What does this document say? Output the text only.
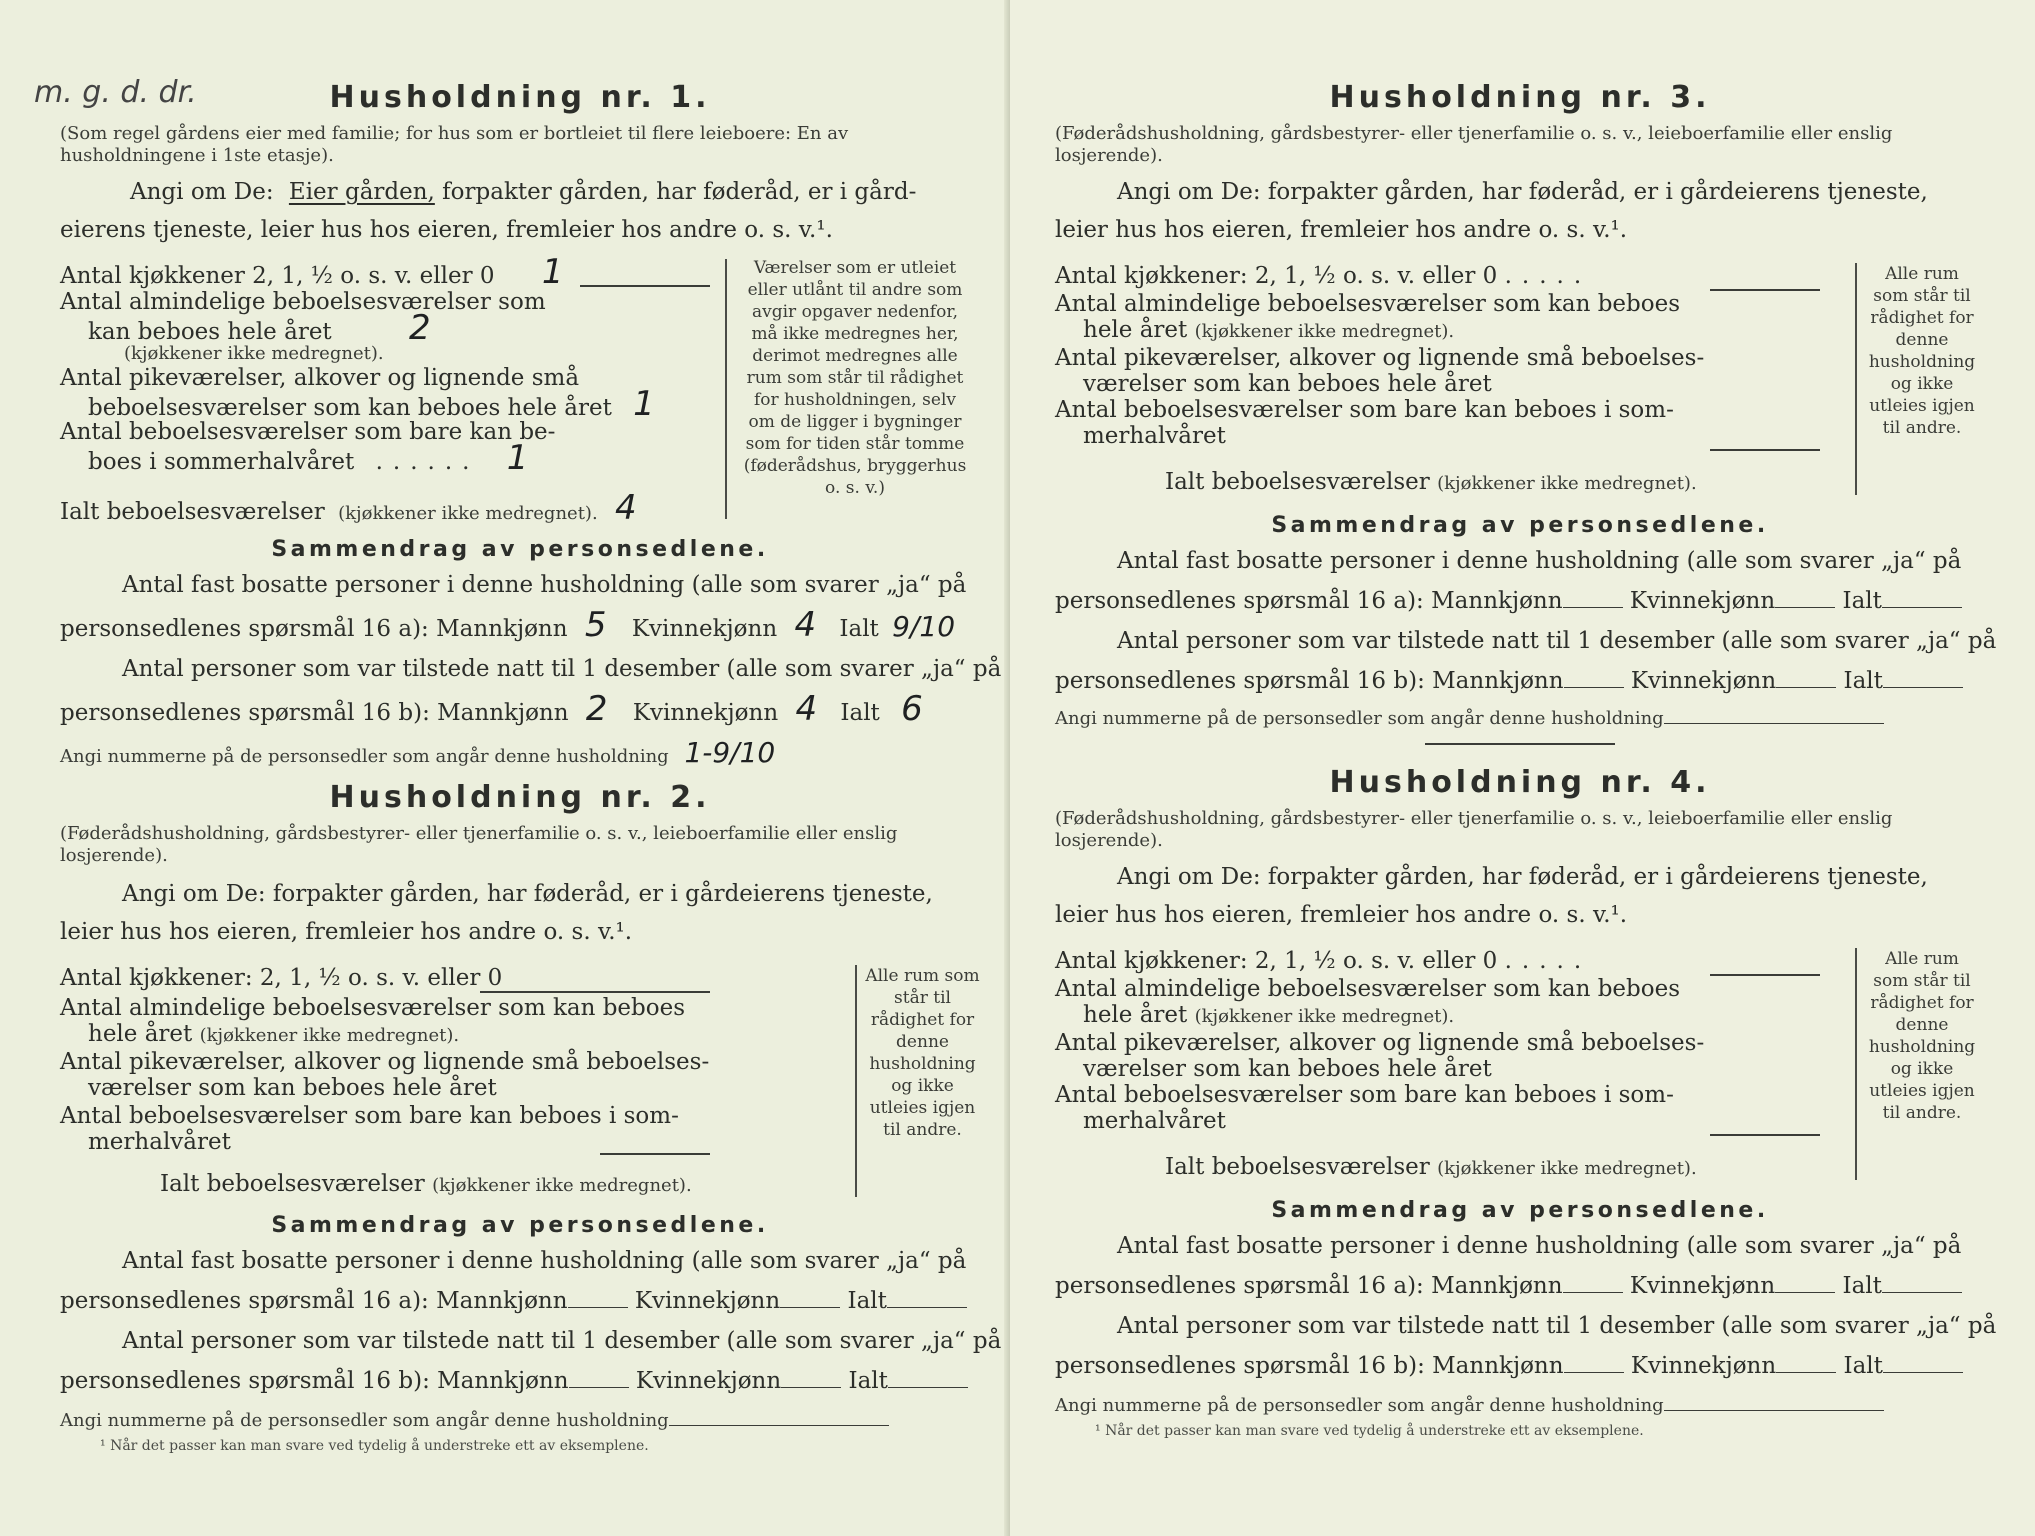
m. g. d. dr.	Husholdning nr. 1.
(Som regel gårdens eier med familie; for hus som er bortleiet til flere leieboere: En av husholdningene i 1ste etasje).
Angi om De: Eier gården, forpakter gården, har føderåd, er i gård-
eierens tjeneste, leier hus hos eieren, fremleier hos andre o. s. v.¹.
Antal kjøkkener 2, 1, ½ o. s. v. eller 0 1
Antal almindelige beboelsesværelser som
kan beboes hele året 2
(kjøkkener ikke medregnet).
Antal pikeværelser, alkover og lignende små
beboelsesværelser som kan beboes hele året 1
Antal beboelsesværelser som bare kan be-
boes i sommerhalvåret ...... 1
Ialt beboelsesværelser (kjøkkener ikke medregnet). 4
Værelser som er utleiet eller utlånt til andre som avgir opgaver nedenfor, må ikke medregnes her, derimot medregnes alle rum som står til rådighet for husholdningen, selv om de ligger i bygninger som for tiden står tomme (føderådshus, bryggerhus o. s. v.)
Sammendrag av personsedlene.
Antal fast bosatte personer i denne husholdning (alle som svarer „ja“ på
personsedlenes spørsmål 16 a): Mannkjønn 5 Kvinnekjønn 4 Ialt 9/10
Antal personer som var tilstede natt til 1 desember (alle som svarer „ja“ på
personsedlenes spørsmål 16 b): Mannkjønn 2 Kvinnekjønn 4 Ialt 6
Angi nummerne på de personsedler som angår denne husholdning 1-9/10
Husholdning nr. 2.
(Føderådshusholdning, gårdsbestyrer- eller tjenerfamilie o. s. v., leieboerfamilie eller enslig losjerende).
Angi om De: forpakter gården, har føderåd, er i gårdeierens tjeneste,
leier hus hos eieren, fremleier hos andre o. s. v.¹.
Antal kjøkkener: 2, 1, ½ o. s. v. eller 0
Antal almindelige beboelsesværelser som kan beboes
hele året (kjøkkener ikke medregnet).
Antal pikeværelser, alkover og lignende små beboelses-
værelser som kan beboes hele året
Antal beboelsesværelser som bare kan beboes i som-
merhalvåret
Ialt beboelsesværelser (kjøkkener ikke medregnet).
Alle rum som står til rådighet for denne husholdning og ikke utleies igjen til andre.
Sammendrag av personsedlene.
Antal fast bosatte personer i denne husholdning (alle som svarer „ja“ på
personsedlenes spørsmål 16 a): Mannkjønn	Kvinnekjønn	Ialt
Antal personer som var tilstede natt til 1 desember (alle som svarer „ja“ på
personsedlenes spørsmål 16 b): Mannkjønn	Kvinnekjønn	Ialt
Angi nummerne på de personsedler som angår denne husholdning
¹ Når det passer kan man svare ved tydelig å understreke ett av eksemplene.
Husholdning nr. 3.
(Føderådshusholdning, gårdsbestyrer- eller tjenerfamilie o. s. v., leieboerfamilie eller enslig losjerende).
Angi om De: forpakter gården, har føderåd, er i gårdeierens tjeneste,
leier hus hos eieren, fremleier hos andre o. s. v.¹.
Antal kjøkkener: 2, 1, ½ o. s. v. eller 0 .....
Antal almindelige beboelsesværelser som kan beboes
hele året (kjøkkener ikke medregnet).
Antal pikeværelser, alkover og lignende små beboelses-
værelser som kan beboes hele året
Antal beboelsesværelser som bare kan beboes i som-
merhalvåret
Ialt beboelsesværelser (kjøkkener ikke medregnet).
Alle rum som står til rådighet for denne husholdning og ikke utleies igjen til andre.
Sammendrag av personsedlene.
Antal fast bosatte personer i denne husholdning (alle som svarer „ja“ på
personsedlenes spørsmål 16 a): Mannkjønn	Kvinnekjønn	Ialt
Antal personer som var tilstede natt til 1 desember (alle som svarer „ja“ på
personsedlenes spørsmål 16 b): Mannkjønn	Kvinnekjønn	Ialt
Angi nummerne på de personsedler som angår denne husholdning
Husholdning nr. 4.
(Føderådshusholdning, gårdsbestyrer- eller tjenerfamilie o. s. v., leieboerfamilie eller enslig losjerende).
Angi om De: forpakter gården, har føderåd, er i gårdeierens tjeneste,
leier hus hos eieren, fremleier hos andre o. s. v.¹.
Antal kjøkkener: 2, 1, ½ o. s. v. eller 0 .....
Antal almindelige beboelsesværelser som kan beboes
hele året (kjøkkener ikke medregnet).
Antal pikeværelser, alkover og lignende små beboelses-
værelser som kan beboes hele året
Antal beboelsesværelser som bare kan beboes i som-
merhalvåret
Ialt beboelsesværelser (kjøkkener ikke medregnet).
Alle rum som står til rådighet for denne husholdning og ikke utleies igjen til andre.
Sammendrag av personsedlene.
Antal fast bosatte personer i denne husholdning (alle som svarer „ja“ på
personsedlenes spørsmål 16 a): Mannkjønn	Kvinnekjønn	Ialt
Antal personer som var tilstede natt til 1 desember (alle som svarer „ja“ på
personsedlenes spørsmål 16 b): Mannkjønn	Kvinnekjønn	Ialt
Angi nummerne på de personsedler som angår denne husholdning
¹ Når det passer kan man svare ved tydelig å understreke ett av eksemplene.
